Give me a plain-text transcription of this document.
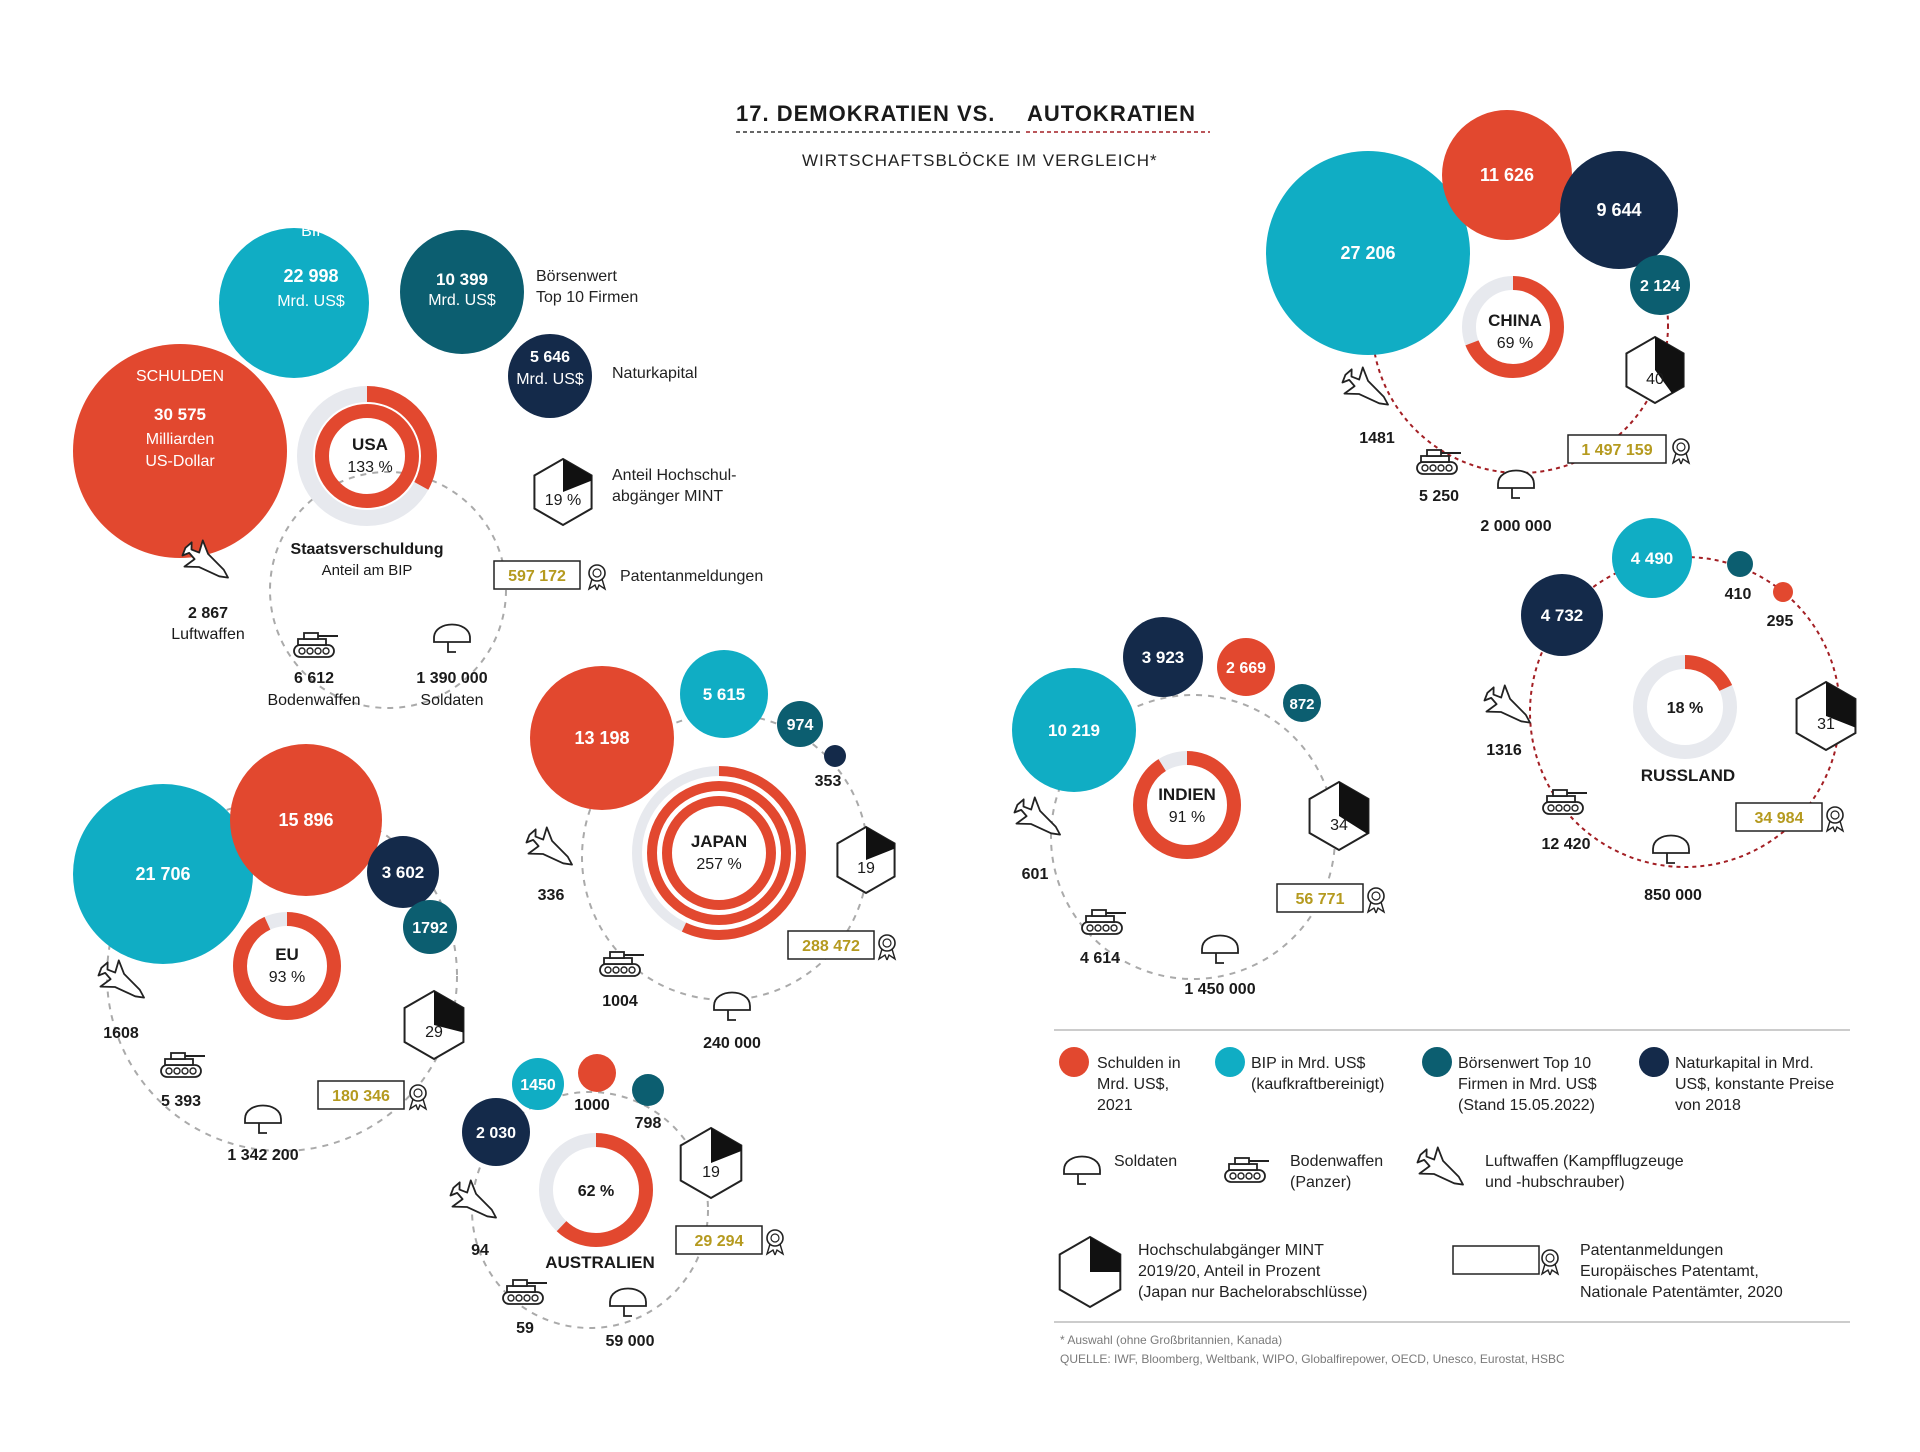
17. DEMOKRATIEN VS. AUTOKRATIEN
WIRTSCHAFTSBLÖCKE IM VERGLEICH*
BIP
22 998
Mrd. US$
10 399
Mrd. US$
Börsenwert
Top 10 Firmen
5 646
Mrd. US$ Naturkapital
SCHULDEN
30 575
Milliarden
US-Dollar
USA
133 %
Staatsverschuldung
Anteil am BIP
19 %
Anteil Hochschul-
abgänger MINT
597 172	Patentanmeldungen
2 867
Luftwaffen
6 612
Bodenwaffen
1 390 000
Soldaten
21 706
15 896
3 602
1792
EU
93 %
29
180 346
1608
5 393
1 342 200
13 198
5 615
974
353
JAPAN
257 %	19
288 472
336
1004
240 000
1450
1000
798
2 030
62 %
AUSTRALIEN
19
29 294
94
59
59 000
27 206
11 626
9 644
2 124
CHINA
69 %
40
1 497 159
1481
5 250
2 000 000
10 219
3 923
2 669
872
INDIEN
91 %	34
56 771
601
4 614
1 450 000
4 490
410
295
4 732
18 %
RUSSLAND
31
34 984
1316
12 420
850 000
Schulden in
Mrd. US$,
2021
BIP in Mrd. US$
(kaufkraftbereinigt)
Börsenwert Top 10
Firmen in Mrd. US$
(Stand 15.05.2022)
Naturkapital in Mrd.
US$, konstante Preise
von 2018
Soldaten	Bodenwaffen
(Panzer)
Luftwaffen (Kampfflugzeuge
und -hubschrauber)
Hochschulabgänger MINT
2019/20, Anteil in Prozent
(Japan nur Bachelorabschlüsse)
Patentanmeldungen
Europäisches Patentamt,
Nationale Patentämter, 2020
* Auswahl (ohne Großbritannien, Kanada)
QUELLE: IWF, Bloomberg, Weltbank, WIPO, Globalfirepower, OECD, Unesco, Eurostat, HSBC
